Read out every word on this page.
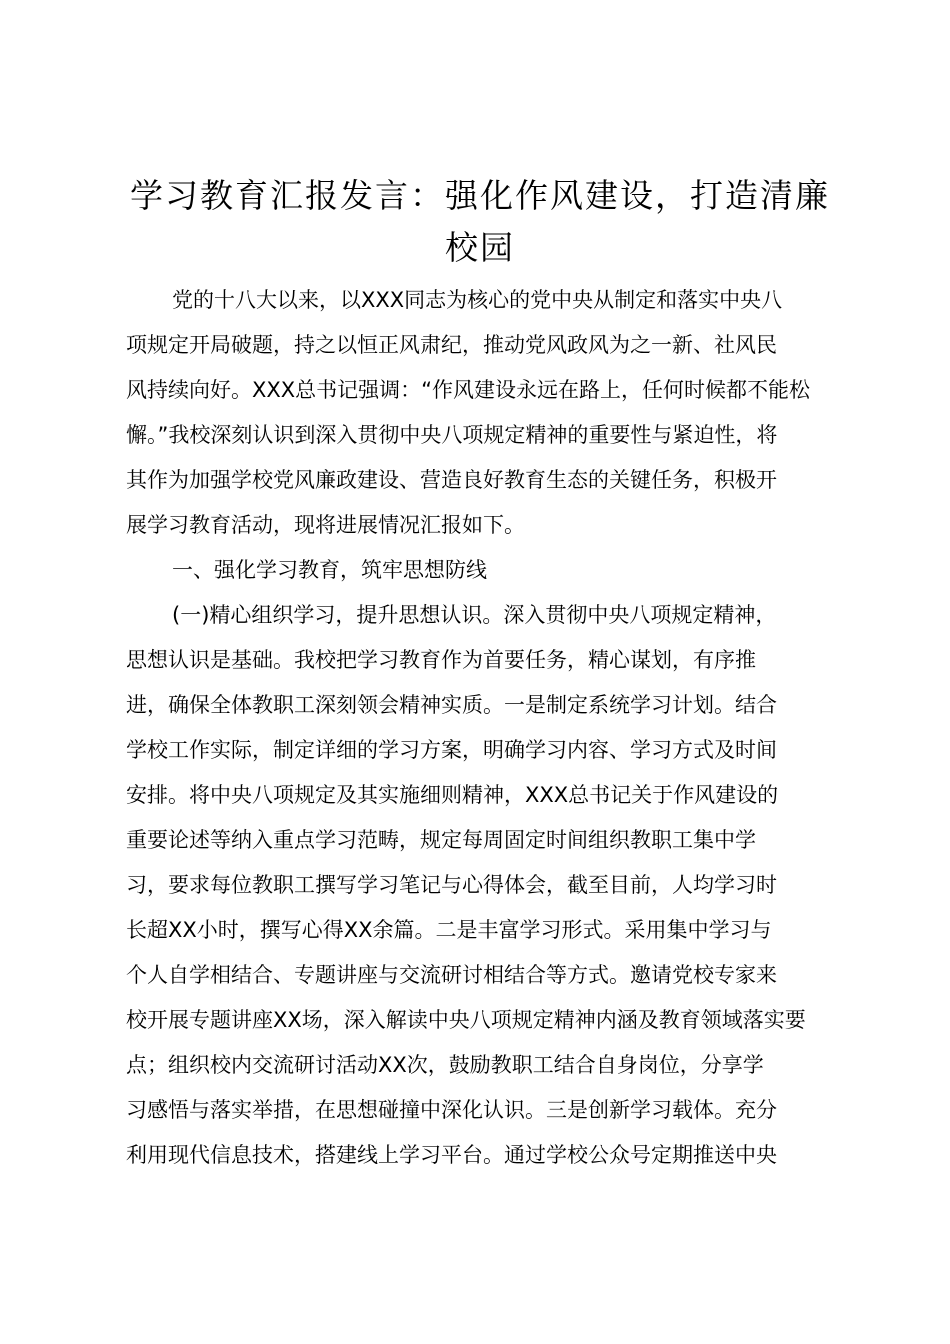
学习教育汇报发言：强化作风建设，打造清廉
校园

党的十八大以来，以XXX同志为核心的党中央从制定和落实中央八

项规定开局破题，持之以恒正风肃纪，推动党风政风为之一新、社风民

风持续向好。XXX总书记强调：“作风建设永远在路上，任何时候都不能松

懈。”我校深刻认识到深入贯彻中央八项规定精神的重要性与紧迫性，将

其作为加强学校党风廉政建设、营造良好教育生态的关键任务，积极开

展学习教育活动，现将进展情况汇报如下。

一、强化学习教育，筑牢思想防线

(一)精心组织学习，提升思想认识。深入贯彻中央八项规定精神，

思想认识是基础。我校把学习教育作为首要任务，精心谋划，有序推

进，确保全体教职工深刻领会精神实质。一是制定系统学习计划。结合

学校工作实际，制定详细的学习方案，明确学习内容、学习方式及时间

安排。将中央八项规定及其实施细则精神，XXX总书记关于作风建设的

重要论述等纳入重点学习范畴，规定每周固定时间组织教职工集中学

习，要求每位教职工撰写学习笔记与心得体会，截至目前，人均学习时

长超XX小时，撰写心得XX余篇。二是丰富学习形式。采用集中学习与

个人自学相结合、专题讲座与交流研讨相结合等方式。邀请党校专家来

校开展专题讲座XX场，深入解读中央八项规定精神内涵及教育领域落实要

点；组织校内交流研讨活动XX次，鼓励教职工结合自身岗位，分享学

习感悟与落实举措，在思想碰撞中深化认识。三是创新学习载体。充分

利用现代信息技术，搭建线上学习平台。通过学校公众号定期推送中央
